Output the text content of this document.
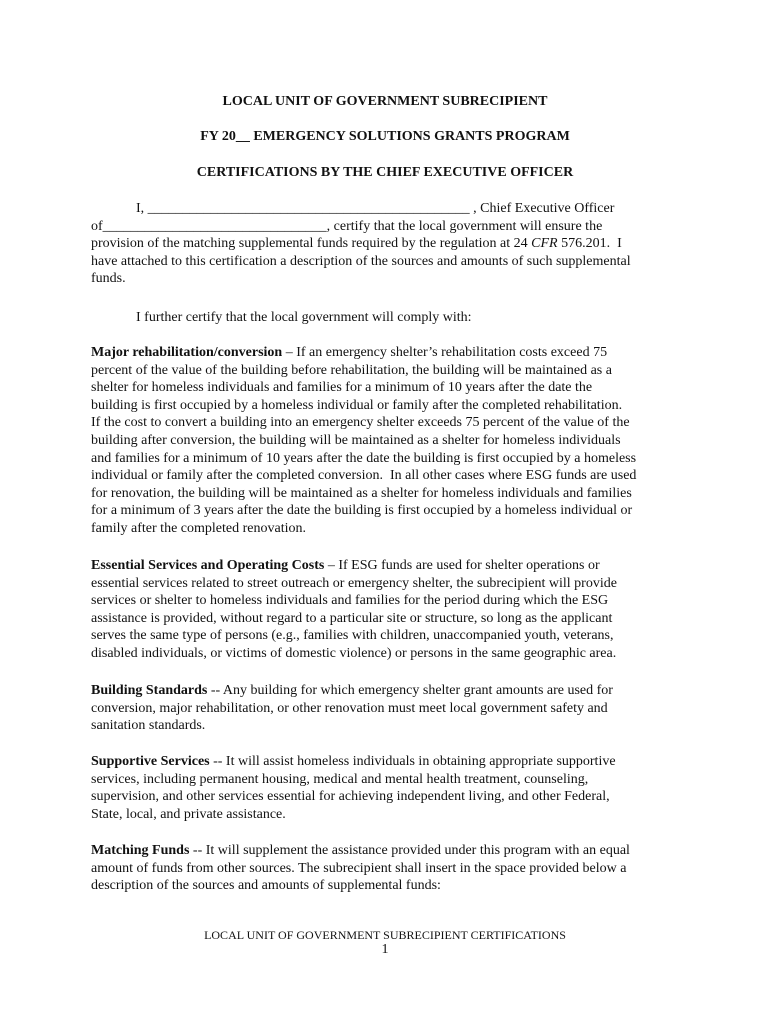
LOCAL UNIT OF GOVERNMENT SUBRECIPIENT
FY 20__ EMERGENCY SOLUTIONS GRANTS PROGRAM
CERTIFICATIONS BY THE CHIEF EXECUTIVE OFFICER
I, ______________________________________________ , Chief Executive Officer
of________________________________, certify that the local government will ensure the
provision of the matching supplemental funds required by the regulation at 24 CFR 576.201.  I
have attached to this certification a description of the sources and amounts of such supplemental
funds.
I further certify that the local government will comply with:
Major rehabilitation/conversion – If an emergency shelter’s rehabilitation costs exceed 75
percent of the value of the building before rehabilitation, the building will be maintained as a
shelter for homeless individuals and families for a minimum of 10 years after the date the
building is first occupied by a homeless individual or family after the completed rehabilitation.
If the cost to convert a building into an emergency shelter exceeds 75 percent of the value of the
building after conversion, the building will be maintained as a shelter for homeless individuals
and families for a minimum of 10 years after the date the building is first occupied by a homeless
individual or family after the completed conversion.  In all other cases where ESG funds are used
for renovation, the building will be maintained as a shelter for homeless individuals and families
for a minimum of 3 years after the date the building is first occupied by a homeless individual or
family after the completed renovation.
Essential Services and Operating Costs – If ESG funds are used for shelter operations or
essential services related to street outreach or emergency shelter, the subrecipient will provide
services or shelter to homeless individuals and families for the period during which the ESG
assistance is provided, without regard to a particular site or structure, so long as the applicant
serves the same type of persons (e.g., families with children, unaccompanied youth, veterans,
disabled individuals, or victims of domestic violence) or persons in the same geographic area.
Building Standards -- Any building for which emergency shelter grant amounts are used for
conversion, major rehabilitation, or other renovation must meet local government safety and
sanitation standards.
Supportive Services -- It will assist homeless individuals in obtaining appropriate supportive
services, including permanent housing, medical and mental health treatment, counseling,
supervision, and other services essential for achieving independent living, and other Federal,
State, local, and private assistance.
Matching Funds -- It will supplement the assistance provided under this program with an equal
amount of funds from other sources. The subrecipient shall insert in the space provided below a
description of the sources and amounts of supplemental funds:
LOCAL UNIT OF GOVERNMENT SUBRECIPIENT CERTIFICATIONS
1
